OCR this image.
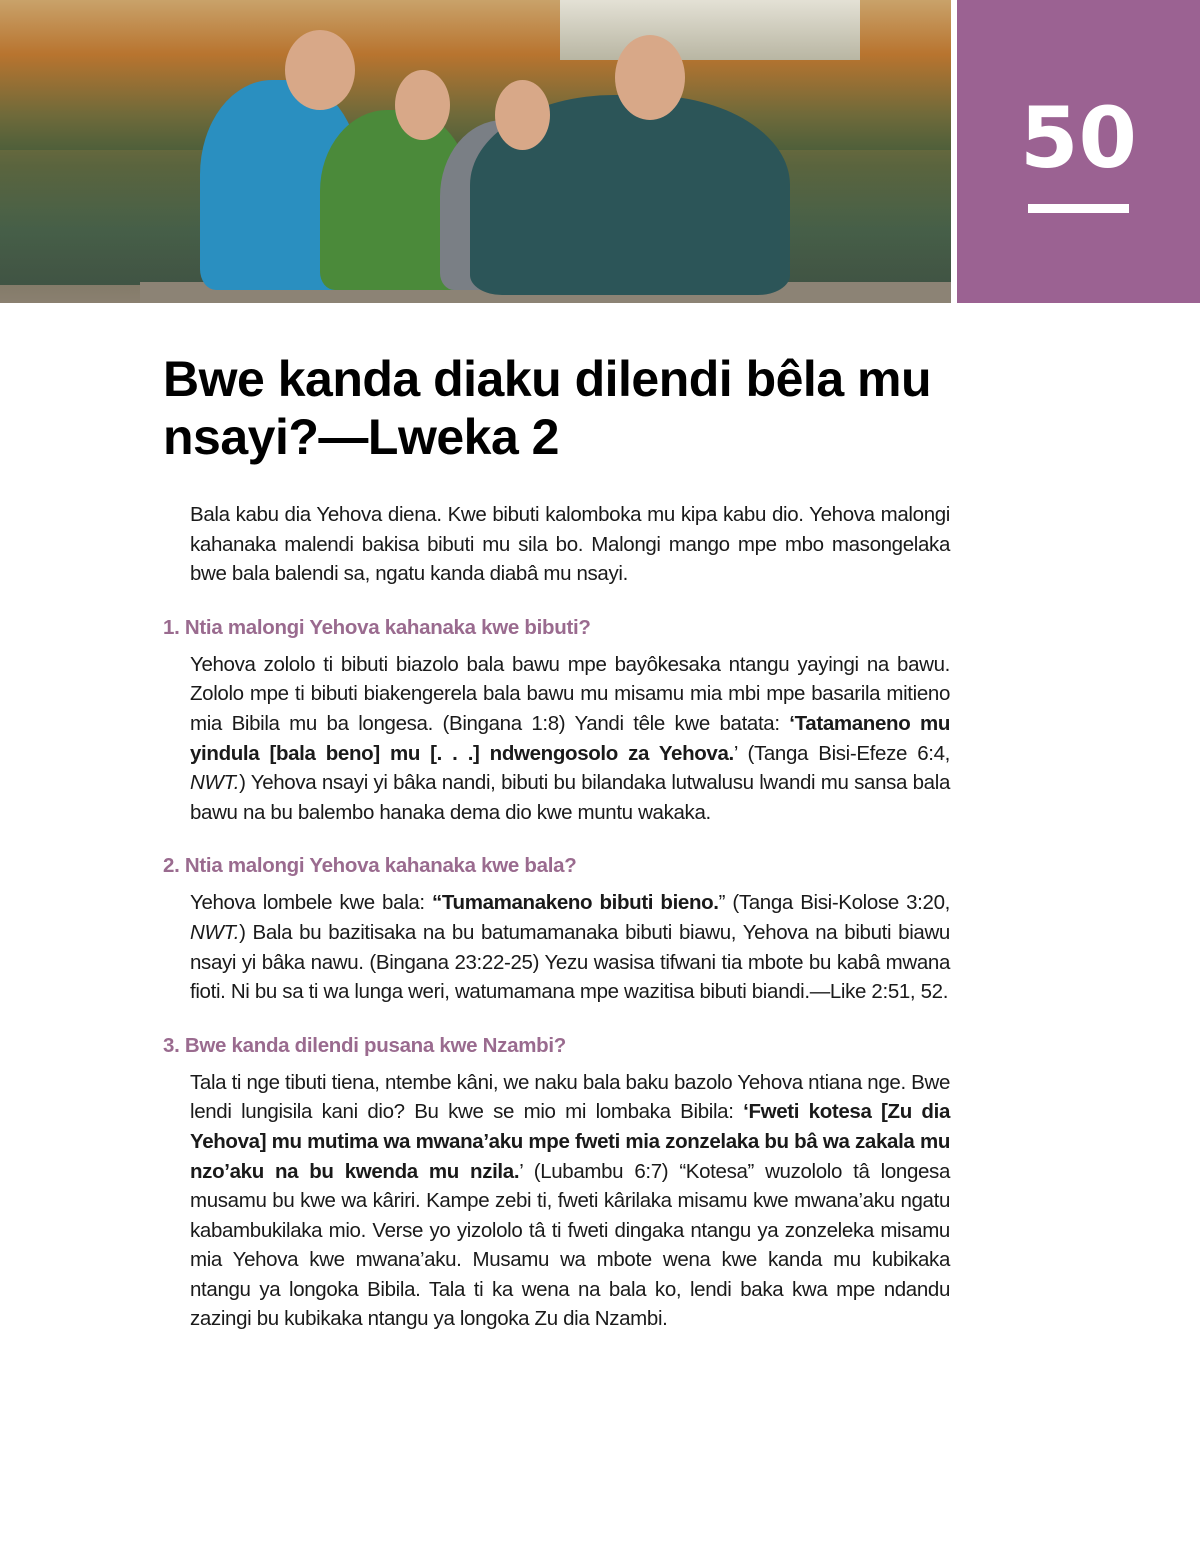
50
Bwe kanda diaku dilendi bêla mu nsayi?—Lweka 2

Bala kabu dia Yehova diena. Kwe bibuti kalomboka mu kipa kabu dio. Yehova malongi kahanaka malendi bakisa bibuti mu sila bo. Malongi mango mpe mbo masongelaka bwe bala balendi sa, ngatu kanda diabâ mu nsayi.

1. Ntia malongi Yehova kahanaka kwe bibuti?

Yehova zololo ti bibuti biazolo bala bawu mpe bayôkesaka ntangu yayingi na bawu. Zololo mpe ti bibuti biakengerela bala bawu mu misamu mia mbi mpe basarila mitieno mia Bibila mu ba longesa. (Bingana 1:8) Yandi têle kwe batata: ‘Tatamaneno mu yindula [bala beno] mu [. . .] ndwengosolo za Yehova.’ (Tanga Bisi-Efeze 6:4, NWT.) Yehova nsayi yi bâka nandi, bibuti bu bilandaka lutwalusu lwandi mu sansa bala bawu na bu balembo hanaka dema dio kwe muntu wakaka.

2. Ntia malongi Yehova kahanaka kwe bala?

Yehova lombele kwe bala: “Tumamanakeno bibuti bieno.” (Tanga Bisi-Kolose 3:20, NWT.) Bala bu bazitisaka na bu batumamanaka bibuti biawu, Yehova na bibuti biawu nsayi yi bâka nawu. (Bingana 23:22-25) Yezu wasisa tifwani tia mbote bu kabâ mwana fioti. Ni bu sa ti wa lunga weri, watumamana mpe wazitisa bibuti biandi.—Like 2:51, 52.

3. Bwe kanda dilendi pusana kwe Nzambi?

Tala ti nge tibuti tiena, ntembe kâni, we naku bala baku bazolo Yehova ntiana nge. Bwe lendi lungisila kani dio? Bu kwe se mio mi lombaka Bibila: ‘Fweti kotesa [Zu dia Yehova] mu mutima wa mwana’aku mpe fweti mia zonzelaka bu bâ wa zakala mu nzo’aku na bu kwenda mu nzila.’ (Lubambu 6:7) “Kotesa” wuzololo tâ longesa musamu bu kwe wa kâriri. Kampe zebi ti, fweti kârilaka misamu kwe mwana’aku ngatu kabambukilaka mio. Verse yo yizololo tâ ti fweti dingaka ntangu ya zonzeleka misamu mia Yehova kwe mwana’aku. Musamu wa mbote wena kwe kanda mu kubikaka ntangu ya longoka Bibila. Tala ti ka wena na bala ko, lendi baka kwa mpe ndandu zazingi bu kubikaka ntangu ya longoka Zu dia Nzambi.
